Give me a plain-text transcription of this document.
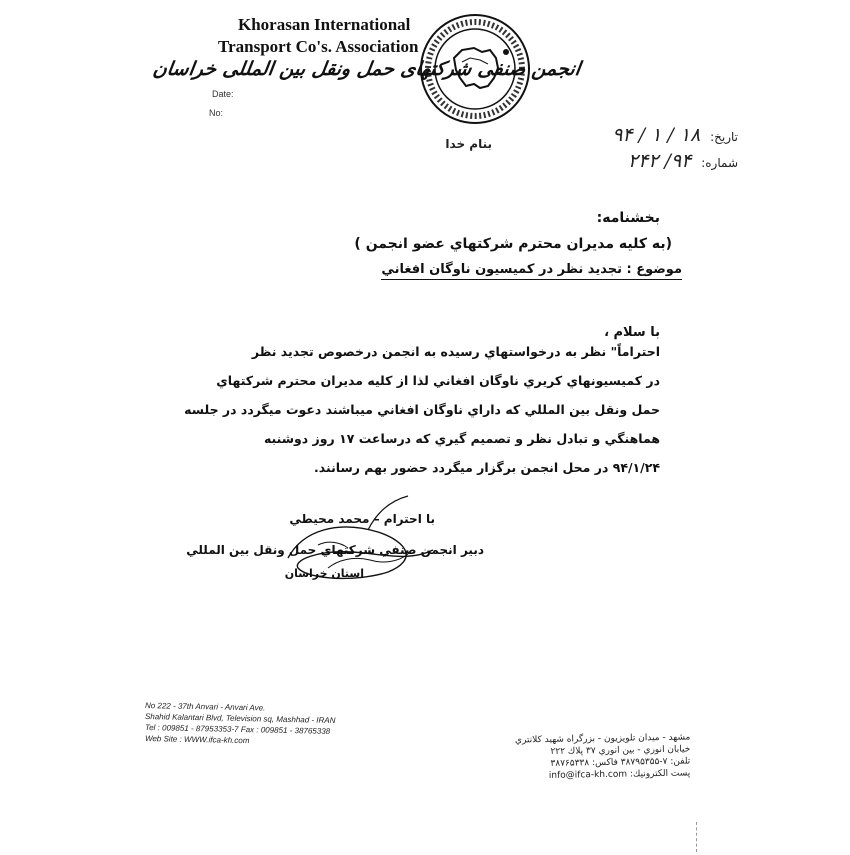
Khorasan International
Transport Co's. Association
Date:
No:
انجمن صنفی شرکتهای حمل ونقل بین المللی خراسان
بنام خدا	تاريخ: ۱۸ / ۱ / ۹۴
شماره: ۹۴/ ۲۴۲
بخشنامه:
(به كليه مديران محترم شركتهاي عضو انجمن )
موضوع : تجديد نظر در كميسيون ناوگان افغاني
با سلام ،
احتراماً" نظر به درخواستهاي رسيده به انجمن درخصوص تجديد نظر
در كميسيونهاي كريري ناوگان افغاني لذا از كليه مديران محترم شركتهاي
حمل ونقل بين المللي كه داراي ناوگان افغاني ميباشند دعوت ميگردد در جلسه
هماهنگي و تبادل نظر و تصميم گيري كه درساعت ۱۷ روز دوشنبه
۹۴/۱/۲۴ در محل انجمن برگزار ميگردد حضور بهم رسانند.
با احترام – محمد محيطي
دبير انجمن صنفي شركتهاي حمل ونقل بين المللي
استان خراسان
No 222 - 37th Anvari - Anvari Ave.
Shahid Kalantari Blvd, Television sq, Mashhad - IRAN
Tel : 009851 - 87953353-7 Fax : 009851 - 38765338
Web Site : WWW.ifca-kh.com	مشهد - ميدان تلويزيون - بزرگراه شهيد كلانتري
خيابان انوري - بين انوري ۳۷ پلاك ۲۲۲
تلفن: ۷-۳۸۷۹۵۳۵۵ فاكس: ۳۸۷۶۵۳۳۸
پست الكترونيك: info@ifca-kh.com
